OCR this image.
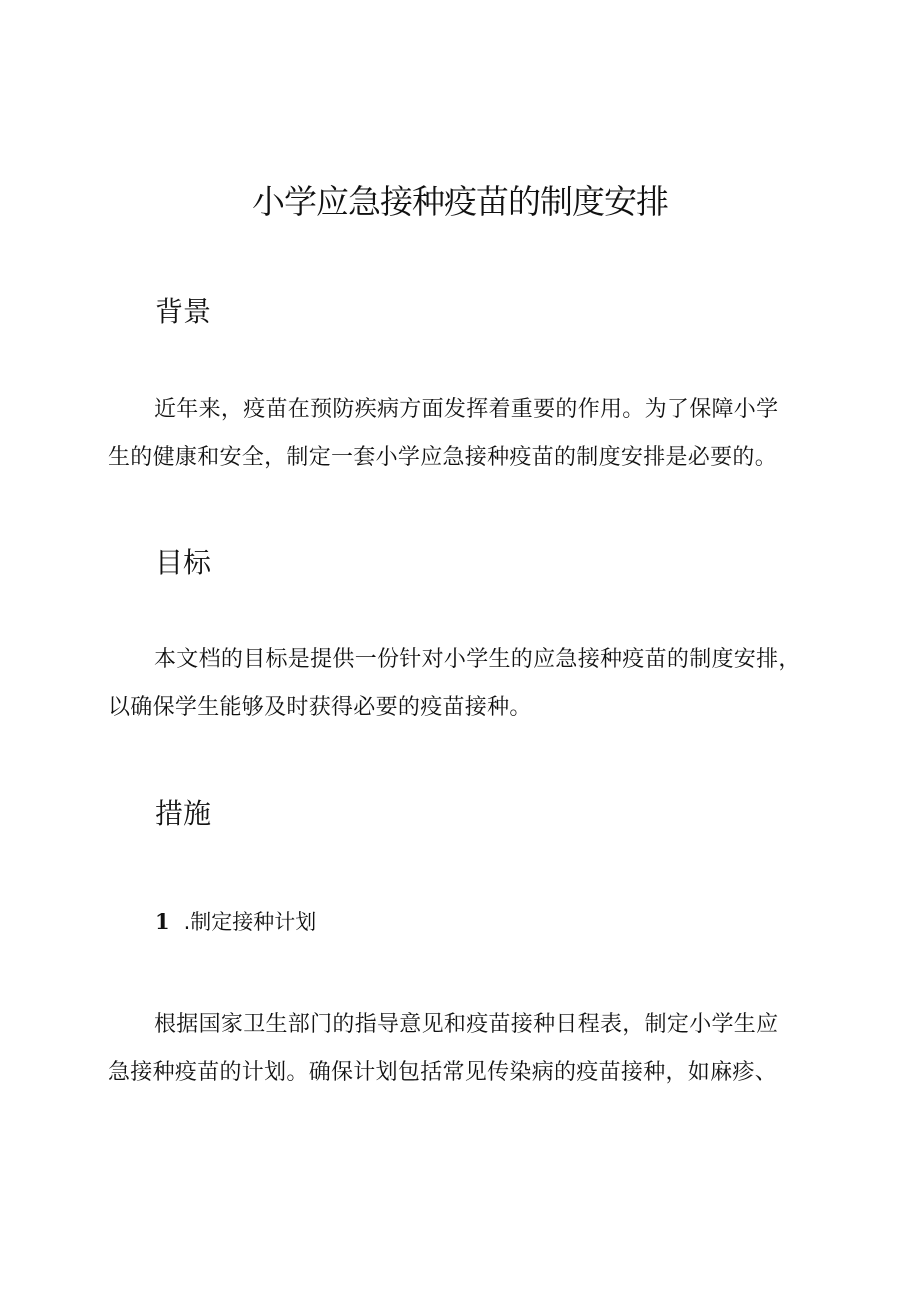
小学应急接种疫苗的制度安排
背景
近年来，疫苗在预防疾病方面发挥着重要的作用。为了保障小学
生的健康和安全，制定一套小学应急接种疫苗的制度安排是必要的。
目标
本文档的目标是提供一份针对小学生的应急接种疫苗的制度安排，
以确保学生能够及时获得必要的疫苗接种。
措施
1 .制定接种计划
根据国家卫生部门的指导意见和疫苗接种日程表，制定小学生应
急接种疫苗的计划。确保计划包括常见传染病的疫苗接种，如麻疹、
